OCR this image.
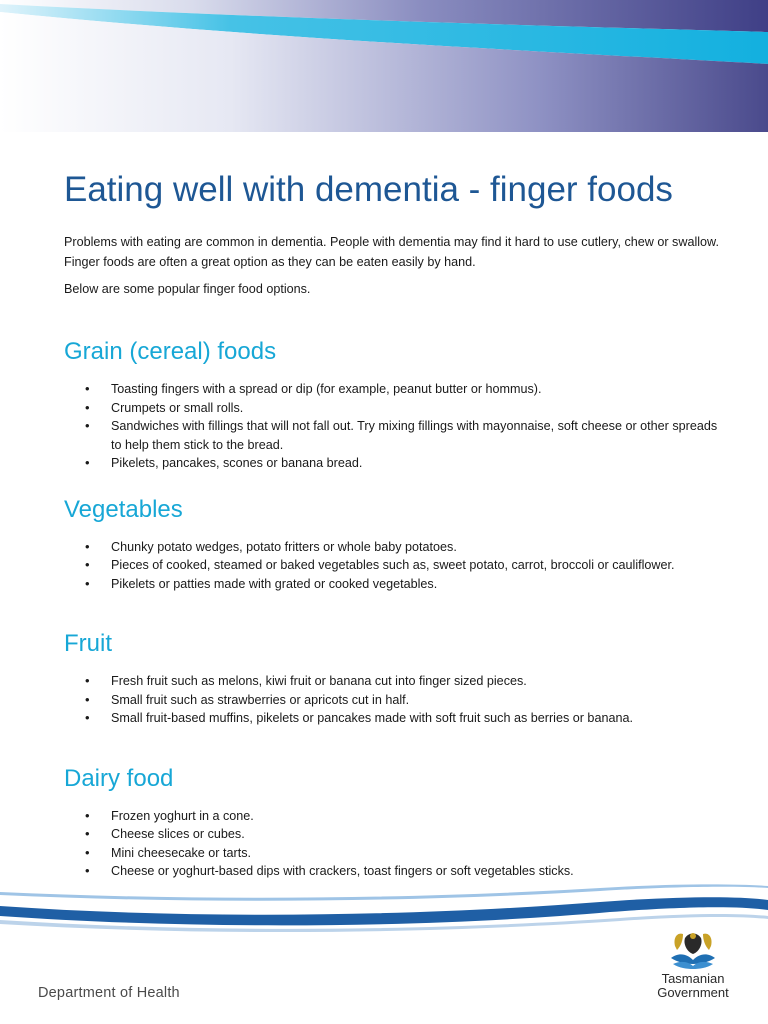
Eating well with dementia - finger foods

Problems with eating are common in dementia. People with dementia may find it hard to use cutlery, chew or swallow. Finger foods are often a great option as they can be eaten easily by hand.

Below are some popular finger food options.

Grain (cereal) foods
• Toasting fingers with a spread or dip (for example, peanut butter or hommus).
• Crumpets or small rolls.
• Sandwiches with fillings that will not fall out. Try mixing fillings with mayonnaise, soft cheese or other spreads to help them stick to the bread.
• Pikelets, pancakes, scones or banana bread.
Vegetables
• Chunky potato wedges, potato fritters or whole baby potatoes.
• Pieces of cooked, steamed or baked vegetables such as, sweet potato, carrot, broccoli or cauliflower.
• Pikelets or patties made with grated or cooked vegetables.
Fruit
• Fresh fruit such as melons, kiwi fruit or banana cut into finger sized pieces.
• Small fruit such as strawberries or apricots cut in half.
• Small fruit-based muffins, pikelets or pancakes made with soft fruit such as berries or banana.
Dairy food
• Frozen yoghurt in a cone.
• Cheese slices or cubes.
• Mini cheesecake or tarts.
• Cheese or yoghurt-based dips with crackers, toast fingers or soft vegetables sticks.
Department of Health
Tasmanian
Government
